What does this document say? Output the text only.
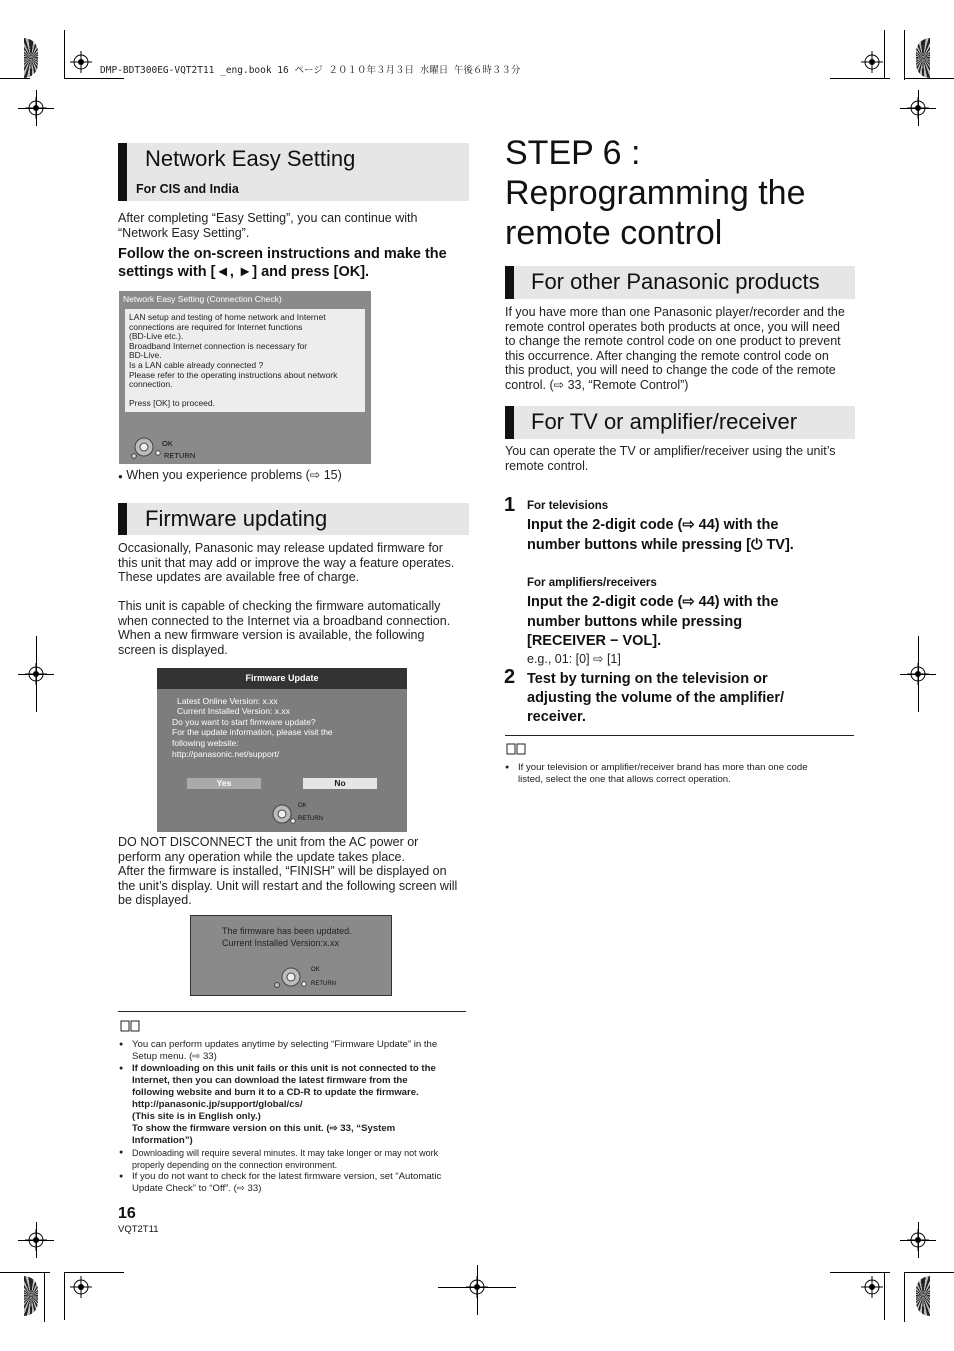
DMP-BDT300EG-VQT2T11 _eng.book 16 ページ ２０１０年３月３日 水曜日 午後６時３３分
Network Easy Setting
For CIS and India

After completing “Easy Setting”, you can continue with

“Network Easy Setting”.

Follow the on-screen instructions and make the
settings with [◄, ►] and press [OK].
Network Easy Setting (Connection Check)
LAN setup and testing of home network and Internet
connections are required for Internet functions
(BD-Live etc.).
Broadband Internet connection is necessary for
BD-Live.
Is a LAN cable already connected ?
Please refer to the operating instructions about network
connection.
Press [OK] to proceed.
OK
RETURN
● When you experience problems (⇨ 15)
Firmware updating

Occasionally, Panasonic may release updated firmware for

this unit that may add or improve the way a feature operates.

These updates are available free of charge.

This unit is capable of checking the firmware automatically

when connected to the Internet via a broadband connection.

When a new firmware version is available, the following

screen is displayed.

Firmware Update
Latest Online Version: x.xx
Current Installed Version: x.xx
Do you want to start firmware update?
For the update information, please visit the
following website:
http://panasonic.net/support/
Yes	No
OK
RETURN

DO NOT DISCONNECT the unit from the AC power or

perform any operation while the update takes place.

After the firmware is installed, “FINISH” will be displayed on

the unit’s display. Unit will restart and the following screen will

be displayed.

The firmware has been updated.
Current Installed Version:x.xx
OK
RETURN
● You can perform updates anytime by selecting “Firmware Update” in the
Setup menu. (⇨ 33)
● If downloading on this unit fails or this unit is not connected to the
Internet, then you can download the latest firmware from the
following website and burn it to a CD-R to update the firmware.
http://panasonic.jp/support/global/cs/
(This site is in English only.)
To show the firmware version on this unit. (⇨ 33, “System
Information”)
● Downloading will require several minutes. It may take longer or may not work
properly depending on the connection environment.
● If you do not want to check for the latest firmware version, set “Automatic
Update Check” to “Off”. (⇨ 33)
16
VQT2T11
STEP 6 :
Reprogramming the
remote control
For other Panasonic products

If you have more than one Panasonic player/recorder and the

remote control operates both products at once, you will need

to change the remote control code on one product to prevent

this occurrence. After changing the remote control code on

this product, you will need to change the code of the remote

control. (⇨ 33, “Remote Control”)

For TV or amplifier/receiver

You can operate the TV or amplifier/receiver using the unit’s

remote control.

1 For televisions
Input the 2-digit code (⇨ 44) with the
number buttons while pressing [⏻ TV].
For amplifiers/receivers
Input the 2-digit code (⇨ 44) with the
number buttons while pressing
[RECEIVER − VOL].
e.g., 01: [0] ⇨ [1]
2 Test by turning on the television or
adjusting the volume of the amplifier/
receiver.
● If your television or amplifier/receiver brand has more than one code
listed, select the one that allows correct operation.
